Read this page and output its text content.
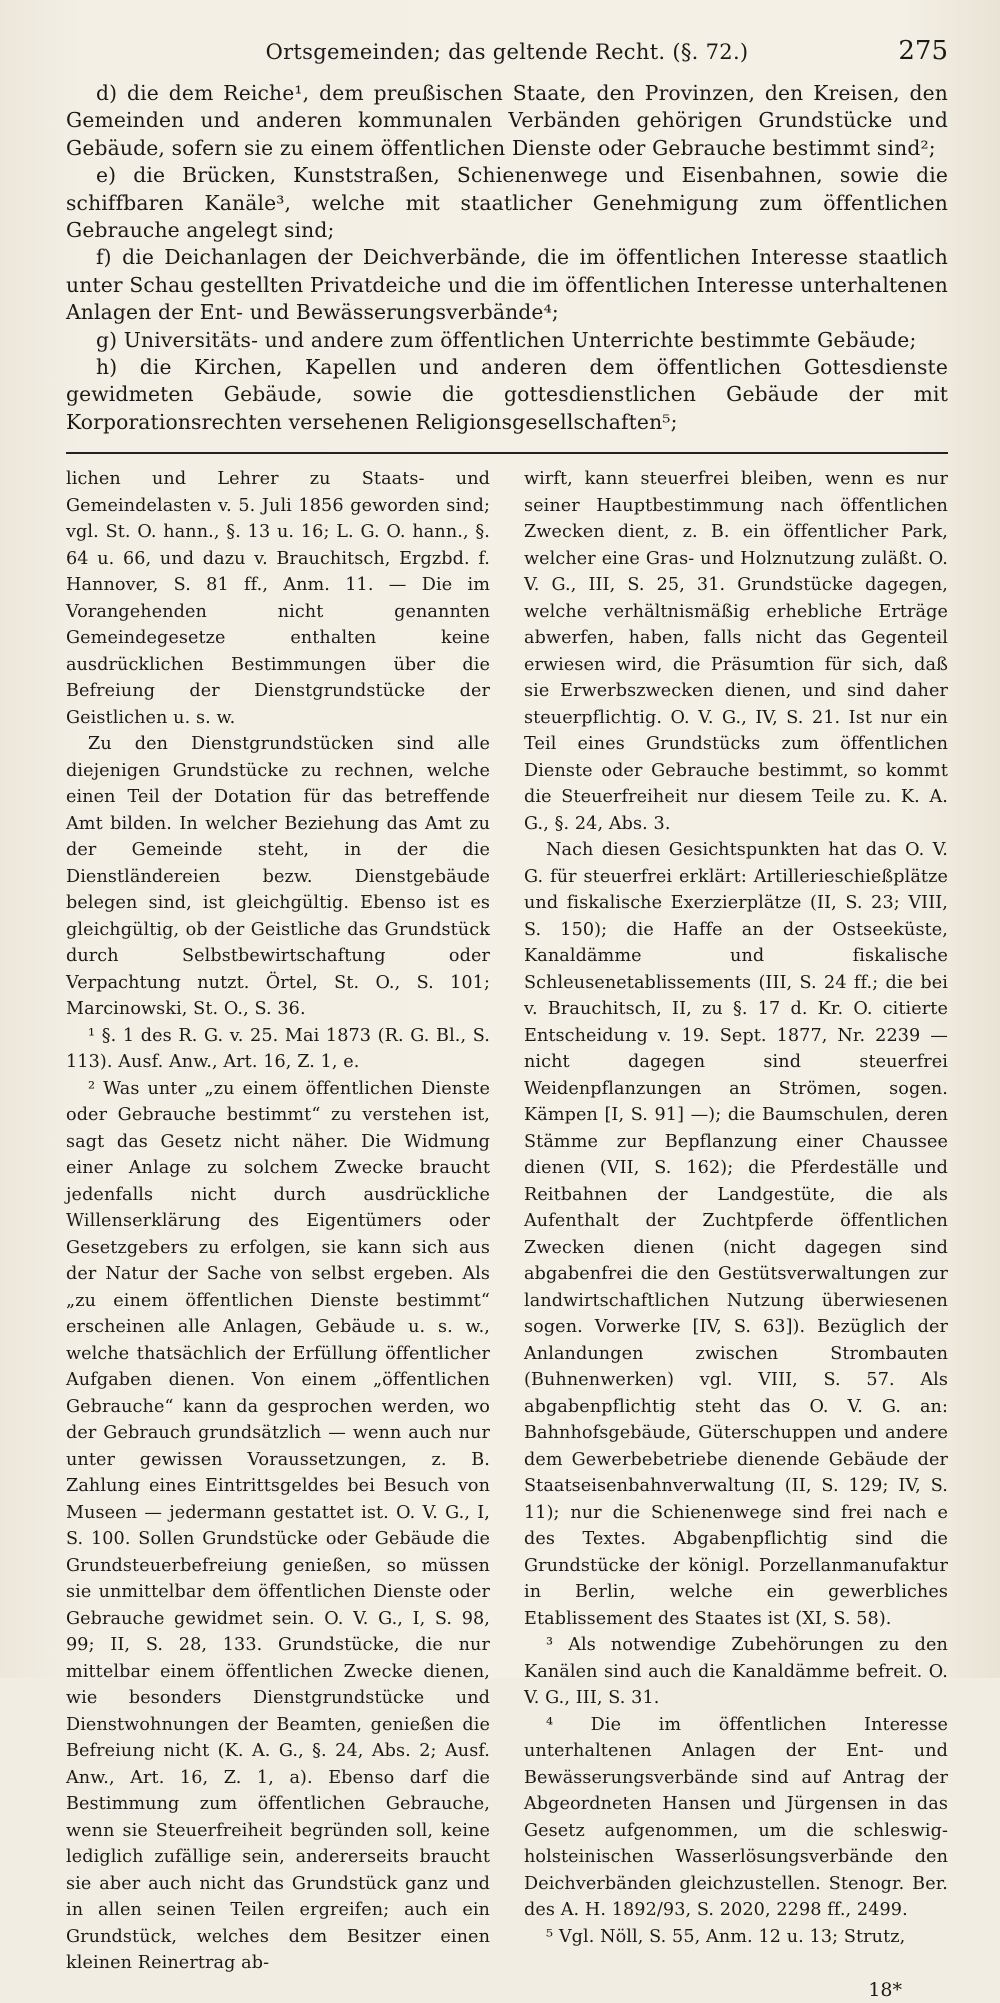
Ortsgemeinden; das geltende Recht. (§. 72.)	275

d) die dem Reiche¹, dem preußischen Staate, den Provinzen, den Kreisen, den Gemeinden und anderen kommunalen Verbänden gehörigen Grundstücke und Gebäude, sofern sie zu einem öffentlichen Dienste oder Gebrauche bestimmt sind²;

e) die Brücken, Kunststraßen, Schienenwege und Eisenbahnen, sowie die schiffbaren Kanäle³, welche mit staatlicher Genehmigung zum öffentlichen Gebrauche angelegt sind;

f) die Deichanlagen der Deichverbände, die im öffentlichen Interesse staatlich unter Schau gestellten Privatdeiche und die im öffentlichen Interesse unterhaltenen Anlagen der Ent- und Bewässerungsverbände⁴;

g) Universitäts- und andere zum öffentlichen Unterrichte bestimmte Gebäude;

h) die Kirchen, Kapellen und anderen dem öffentlichen Gottesdienste gewidmeten Gebäude, sowie die gottesdienstlichen Gebäude der mit Korporationsrechten versehenen Religionsgesellschaften⁵;

lichen und Lehrer zu Staats- und Gemeindelasten v. 5. Juli 1856 geworden sind; vgl. St. O. hann., §. 13 u. 16; L. G. O. hann., §. 64 u. 66, und dazu v. Brauchitsch, Ergzbd. f. Hannover, S. 81 ff., Anm. 11. — Die im Vorangehenden nicht genannten Gemeindegesetze enthalten keine ausdrücklichen Bestimmungen über die Befreiung der Dienstgrundstücke der Geistlichen u. s. w.

Zu den Dienstgrundstücken sind alle diejenigen Grundstücke zu rechnen, welche einen Teil der Dotation für das betreffende Amt bilden. In welcher Beziehung das Amt zu der Gemeinde steht, in der die Dienstländereien bezw. Dienstgebäude belegen sind, ist gleichgültig. Ebenso ist es gleichgültig, ob der Geistliche das Grundstück durch Selbstbewirtschaftung oder Verpachtung nutzt. Örtel, St. O., S. 101; Marcinowski, St. O., S. 36.

¹ §. 1 des R. G. v. 25. Mai 1873 (R. G. Bl., S. 113). Ausf. Anw., Art. 16, Z. 1, e.

² Was unter „zu einem öffentlichen Dienste oder Gebrauche bestimmt“ zu verstehen ist, sagt das Gesetz nicht näher. Die Widmung einer Anlage zu solchem Zwecke braucht jedenfalls nicht durch ausdrückliche Willenserklärung des Eigentümers oder Gesetzgebers zu erfolgen, sie kann sich aus der Natur der Sache von selbst ergeben. Als „zu einem öffentlichen Dienste bestimmt“ erscheinen alle Anlagen, Gebäude u. s. w., welche thatsächlich der Erfüllung öffentlicher Aufgaben dienen. Von einem „öffentlichen Gebrauche“ kann da gesprochen werden, wo der Gebrauch grundsätzlich — wenn auch nur unter gewissen Voraussetzungen, z. B. Zahlung eines Eintrittsgeldes bei Besuch von Museen — jedermann gestattet ist. O. V. G., I, S. 100. Sollen Grundstücke oder Gebäude die Grundsteuerbefreiung genießen, so müssen sie unmittelbar dem öffentlichen Dienste oder Gebrauche gewidmet sein. O. V. G., I, S. 98, 99; II, S. 28, 133. Grundstücke, die nur mittelbar einem öffentlichen Zwecke dienen, wie besonders Dienstgrundstücke und Dienstwohnungen der Beamten, genießen die Befreiung nicht (K. A. G., §. 24, Abs. 2; Ausf. Anw., Art. 16, Z. 1, a). Ebenso darf die Bestimmung zum öffentlichen Gebrauche, wenn sie Steuerfreiheit begründen soll, keine lediglich zufällige sein, andererseits braucht sie aber auch nicht das Grundstück ganz und in allen seinen Teilen ergreifen; auch ein Grundstück, welches dem Besitzer einen kleinen Reinertrag ab-

wirft, kann steuerfrei bleiben, wenn es nur seiner Hauptbestimmung nach öffentlichen Zwecken dient, z. B. ein öffentlicher Park, welcher eine Gras- und Holznutzung zuläßt. O. V. G., III, S. 25, 31. Grundstücke dagegen, welche verhältnismäßig erhebliche Erträge abwerfen, haben, falls nicht das Gegenteil erwiesen wird, die Präsumtion für sich, daß sie Erwerbszwecken dienen, und sind daher steuerpflichtig. O. V. G., IV, S. 21. Ist nur ein Teil eines Grundstücks zum öffentlichen Dienste oder Gebrauche bestimmt, so kommt die Steuerfreiheit nur diesem Teile zu. K. A. G., §. 24, Abs. 3.

Nach diesen Gesichtspunkten hat das O. V. G. für steuerfrei erklärt: Artillerieschießplätze und fiskalische Exerzierplätze (II, S. 23; VIII, S. 150); die Haffe an der Ostseeküste, Kanaldämme und fiskalische Schleusenetablissements (III, S. 24 ff.; die bei v. Brauchitsch, II, zu §. 17 d. Kr. O. citierte Entscheidung v. 19. Sept. 1877, Nr. 2239 — nicht dagegen sind steuerfrei Weidenpflanzungen an Strömen, sogen. Kämpen [I, S. 91] —); die Baumschulen, deren Stämme zur Bepflanzung einer Chaussee dienen (VII, S. 162); die Pferdeställe und Reitbahnen der Landgestüte, die als Aufenthalt der Zuchtpferde öffentlichen Zwecken dienen (nicht dagegen sind abgabenfrei die den Gestütsverwaltungen zur landwirtschaftlichen Nutzung überwiesenen sogen. Vorwerke [IV, S. 63]). Bezüglich der Anlandungen zwischen Strombauten (Buhnenwerken) vgl. VIII, S. 57. Als abgabenpflichtig steht das O. V. G. an: Bahnhofsgebäude, Güterschuppen und andere dem Gewerbebetriebe dienende Gebäude der Staatseisenbahnverwaltung (II, S. 129; IV, S. 11); nur die Schienenwege sind frei nach e des Textes. Abgabenpflichtig sind die Grundstücke der königl. Porzellanmanufaktur in Berlin, welche ein gewerbliches Etablissement des Staates ist (XI, S. 58).

³ Als notwendige Zubehörungen zu den Kanälen sind auch die Kanaldämme befreit. O. V. G., III, S. 31.

⁴ Die im öffentlichen Interesse unterhaltenen Anlagen der Ent- und Bewässerungsverbände sind auf Antrag der Abgeordneten Hansen und Jürgensen in das Gesetz aufgenommen, um die schleswig-holsteinischen Wasserlösungsverbände den Deichverbänden gleichzustellen. Stenogr. Ber. des A. H. 1892/93, S. 2020, 2298 ff., 2499.

⁵ Vgl. Nöll, S. 55, Anm. 12 u. 13; Strutz,

18*
